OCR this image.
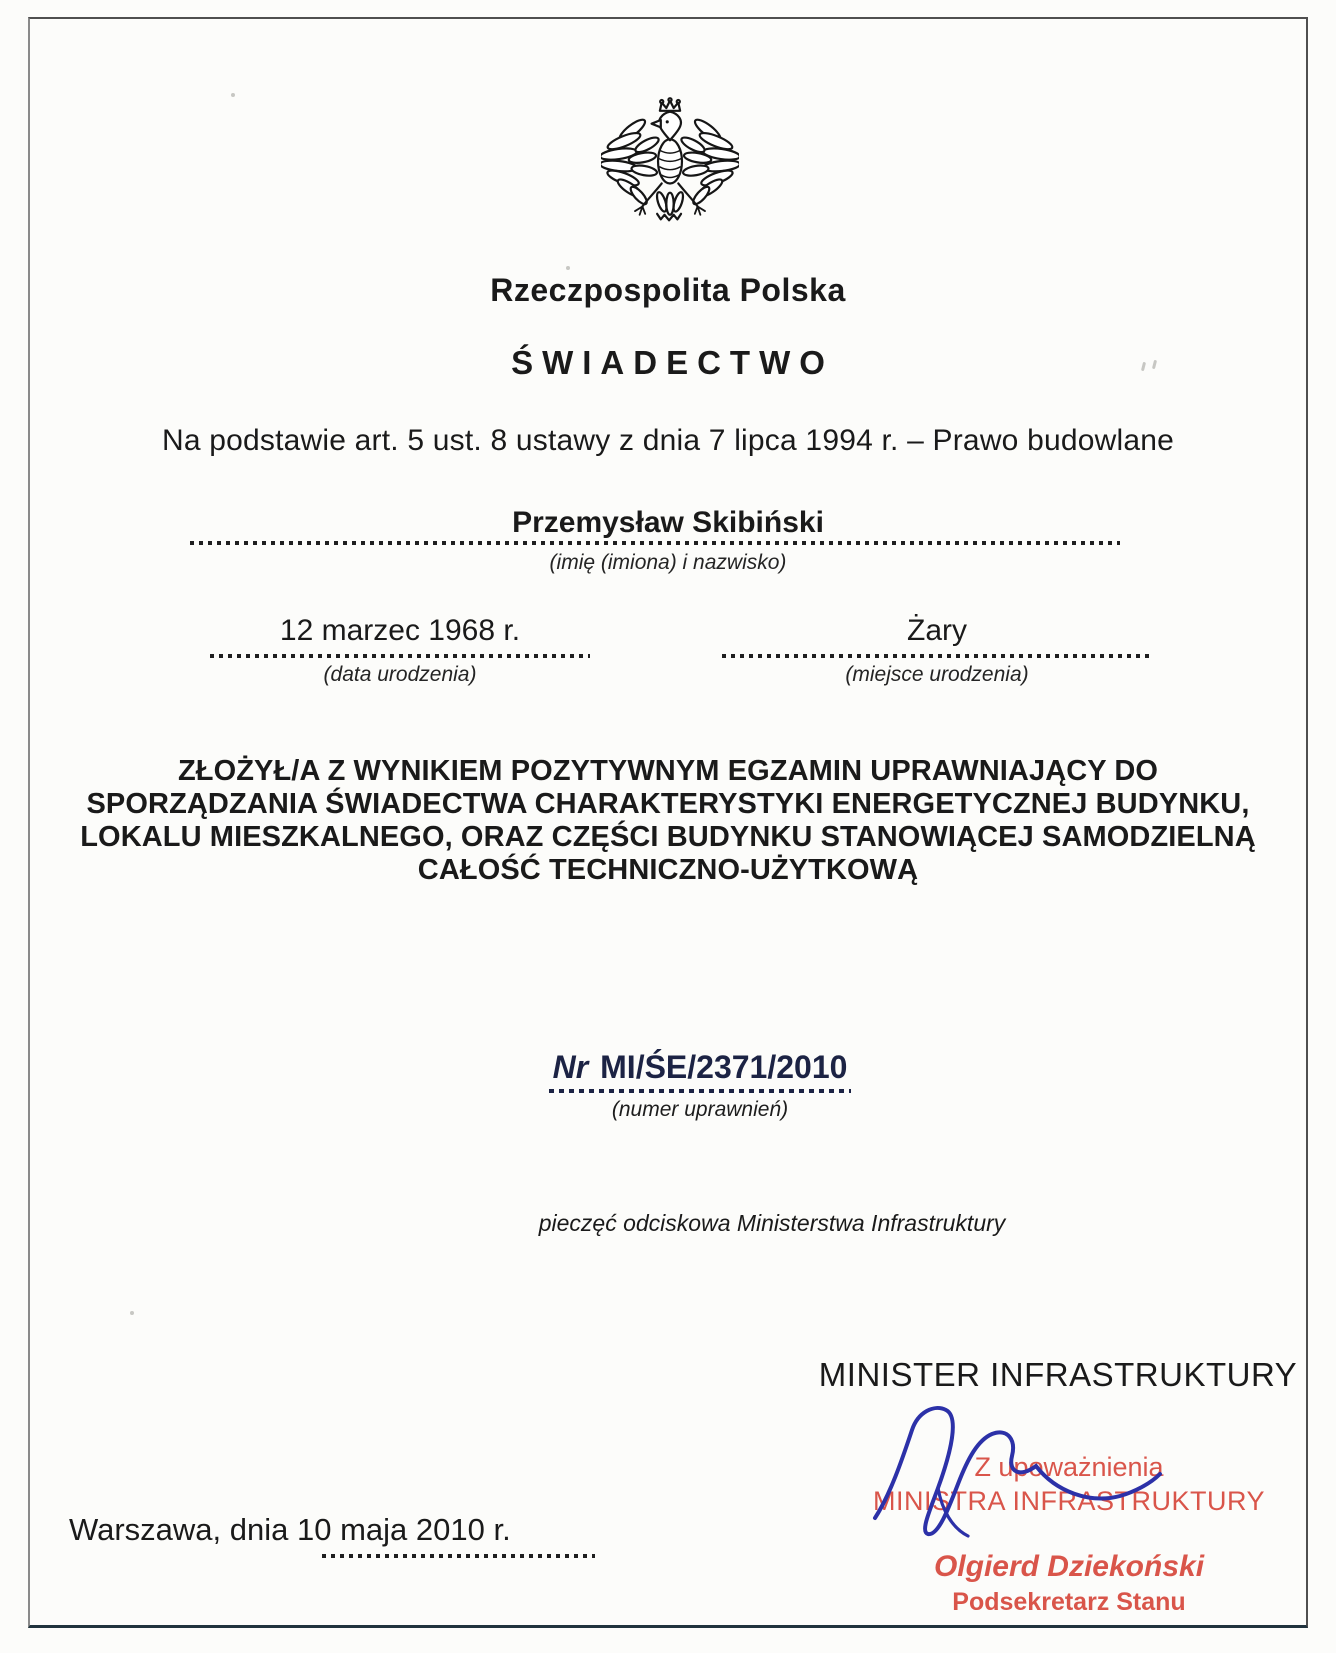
Rzeczpospolita Polska
ŚWIADECTWO
Na podstawie art. 5 ust. 8 ustawy z dnia 7 lipca 1994 r. – Prawo budowlane
Przemysław Skibiński
(imię (imiona) i nazwisko)
12 marzec 1968 r.
(data urodzenia)
Żary
(miejsce urodzenia)
ZŁOŻYŁ/A Z WYNIKIEM POZYTYWNYM EGZAMIN UPRAWNIAJĄCY DO
SPORZĄDZANIA ŚWIADECTWA CHARAKTERYSTYKI ENERGETYCZNEJ BUDYNKU,
LOKALU MIESZKALNEGO, ORAZ CZĘŚCI BUDYNKU STANOWIĄCEJ SAMODZIELNĄ
CAŁOŚĆ TECHNICZNO-UŻYTKOWĄ
Nr MI/ŚE/2371/2010
(numer uprawnień)
pieczęć odciskowa Ministerstwa Infrastruktury
MINISTER INFRASTRUKTURY
Z upoważnienia
MINISTRA INFRASTRUKTURY
Olgierd Dziekoński
Podsekretarz Stanu
Warszawa, dnia 10 maja 2010 r.
